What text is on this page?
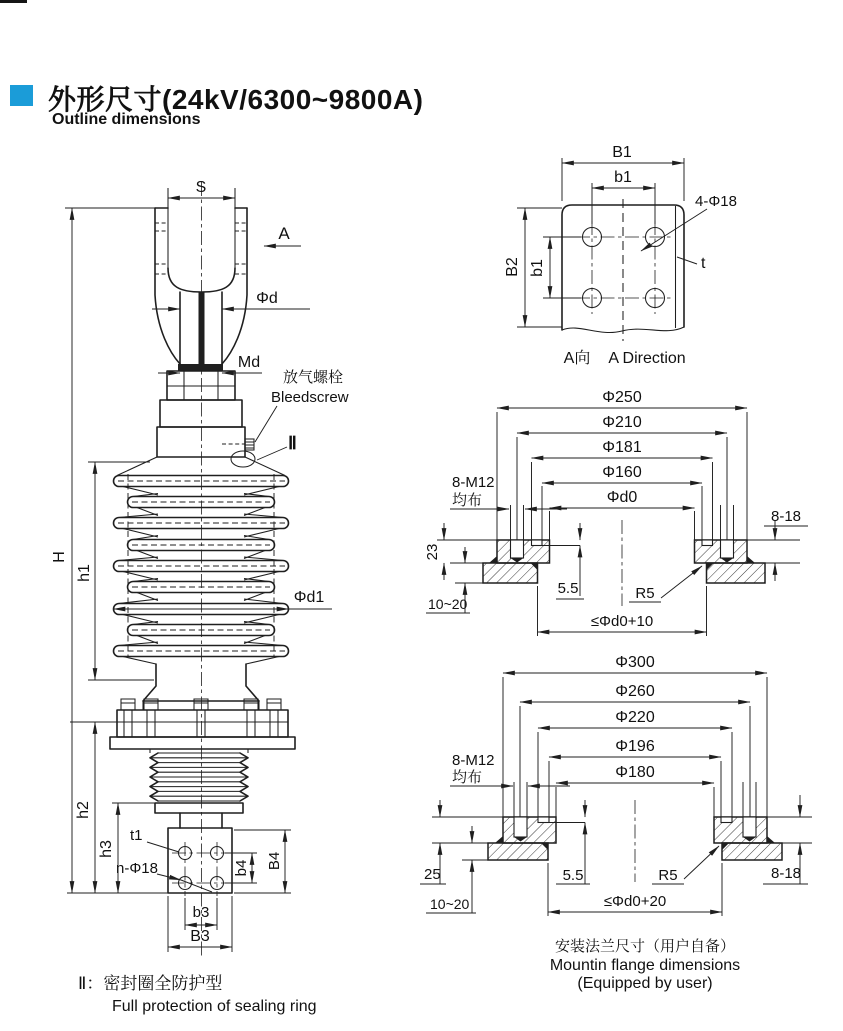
外形尺寸(24kV/6300~9800A)
Outline dimensions
S
A
Φd
Md
放气螺栓
Bleedscrew
Ⅱ
Φd1
H
h1
h2
h3
t1
n-Φ18	b4 B4
b3
B3
Ⅱ：密封圈全防护型
Full protection of sealing ring
B1
b1
B2 b1
4-Φ18
t
A向 A Direction
Φ250
Φ210
Φ181
Φ160
Φd0
8-M12
均布
23
10~20
5.5
8-18
R5
≤Φd0+10
Φ300
Φ260
Φ220
Φ196
Φ180
8-M12
均布
25
10~20
5.5	R5	8-18
≤Φd0+20
安装法兰尺寸（用户自备）
Mountin flange dimensions
(Equipped by user)
